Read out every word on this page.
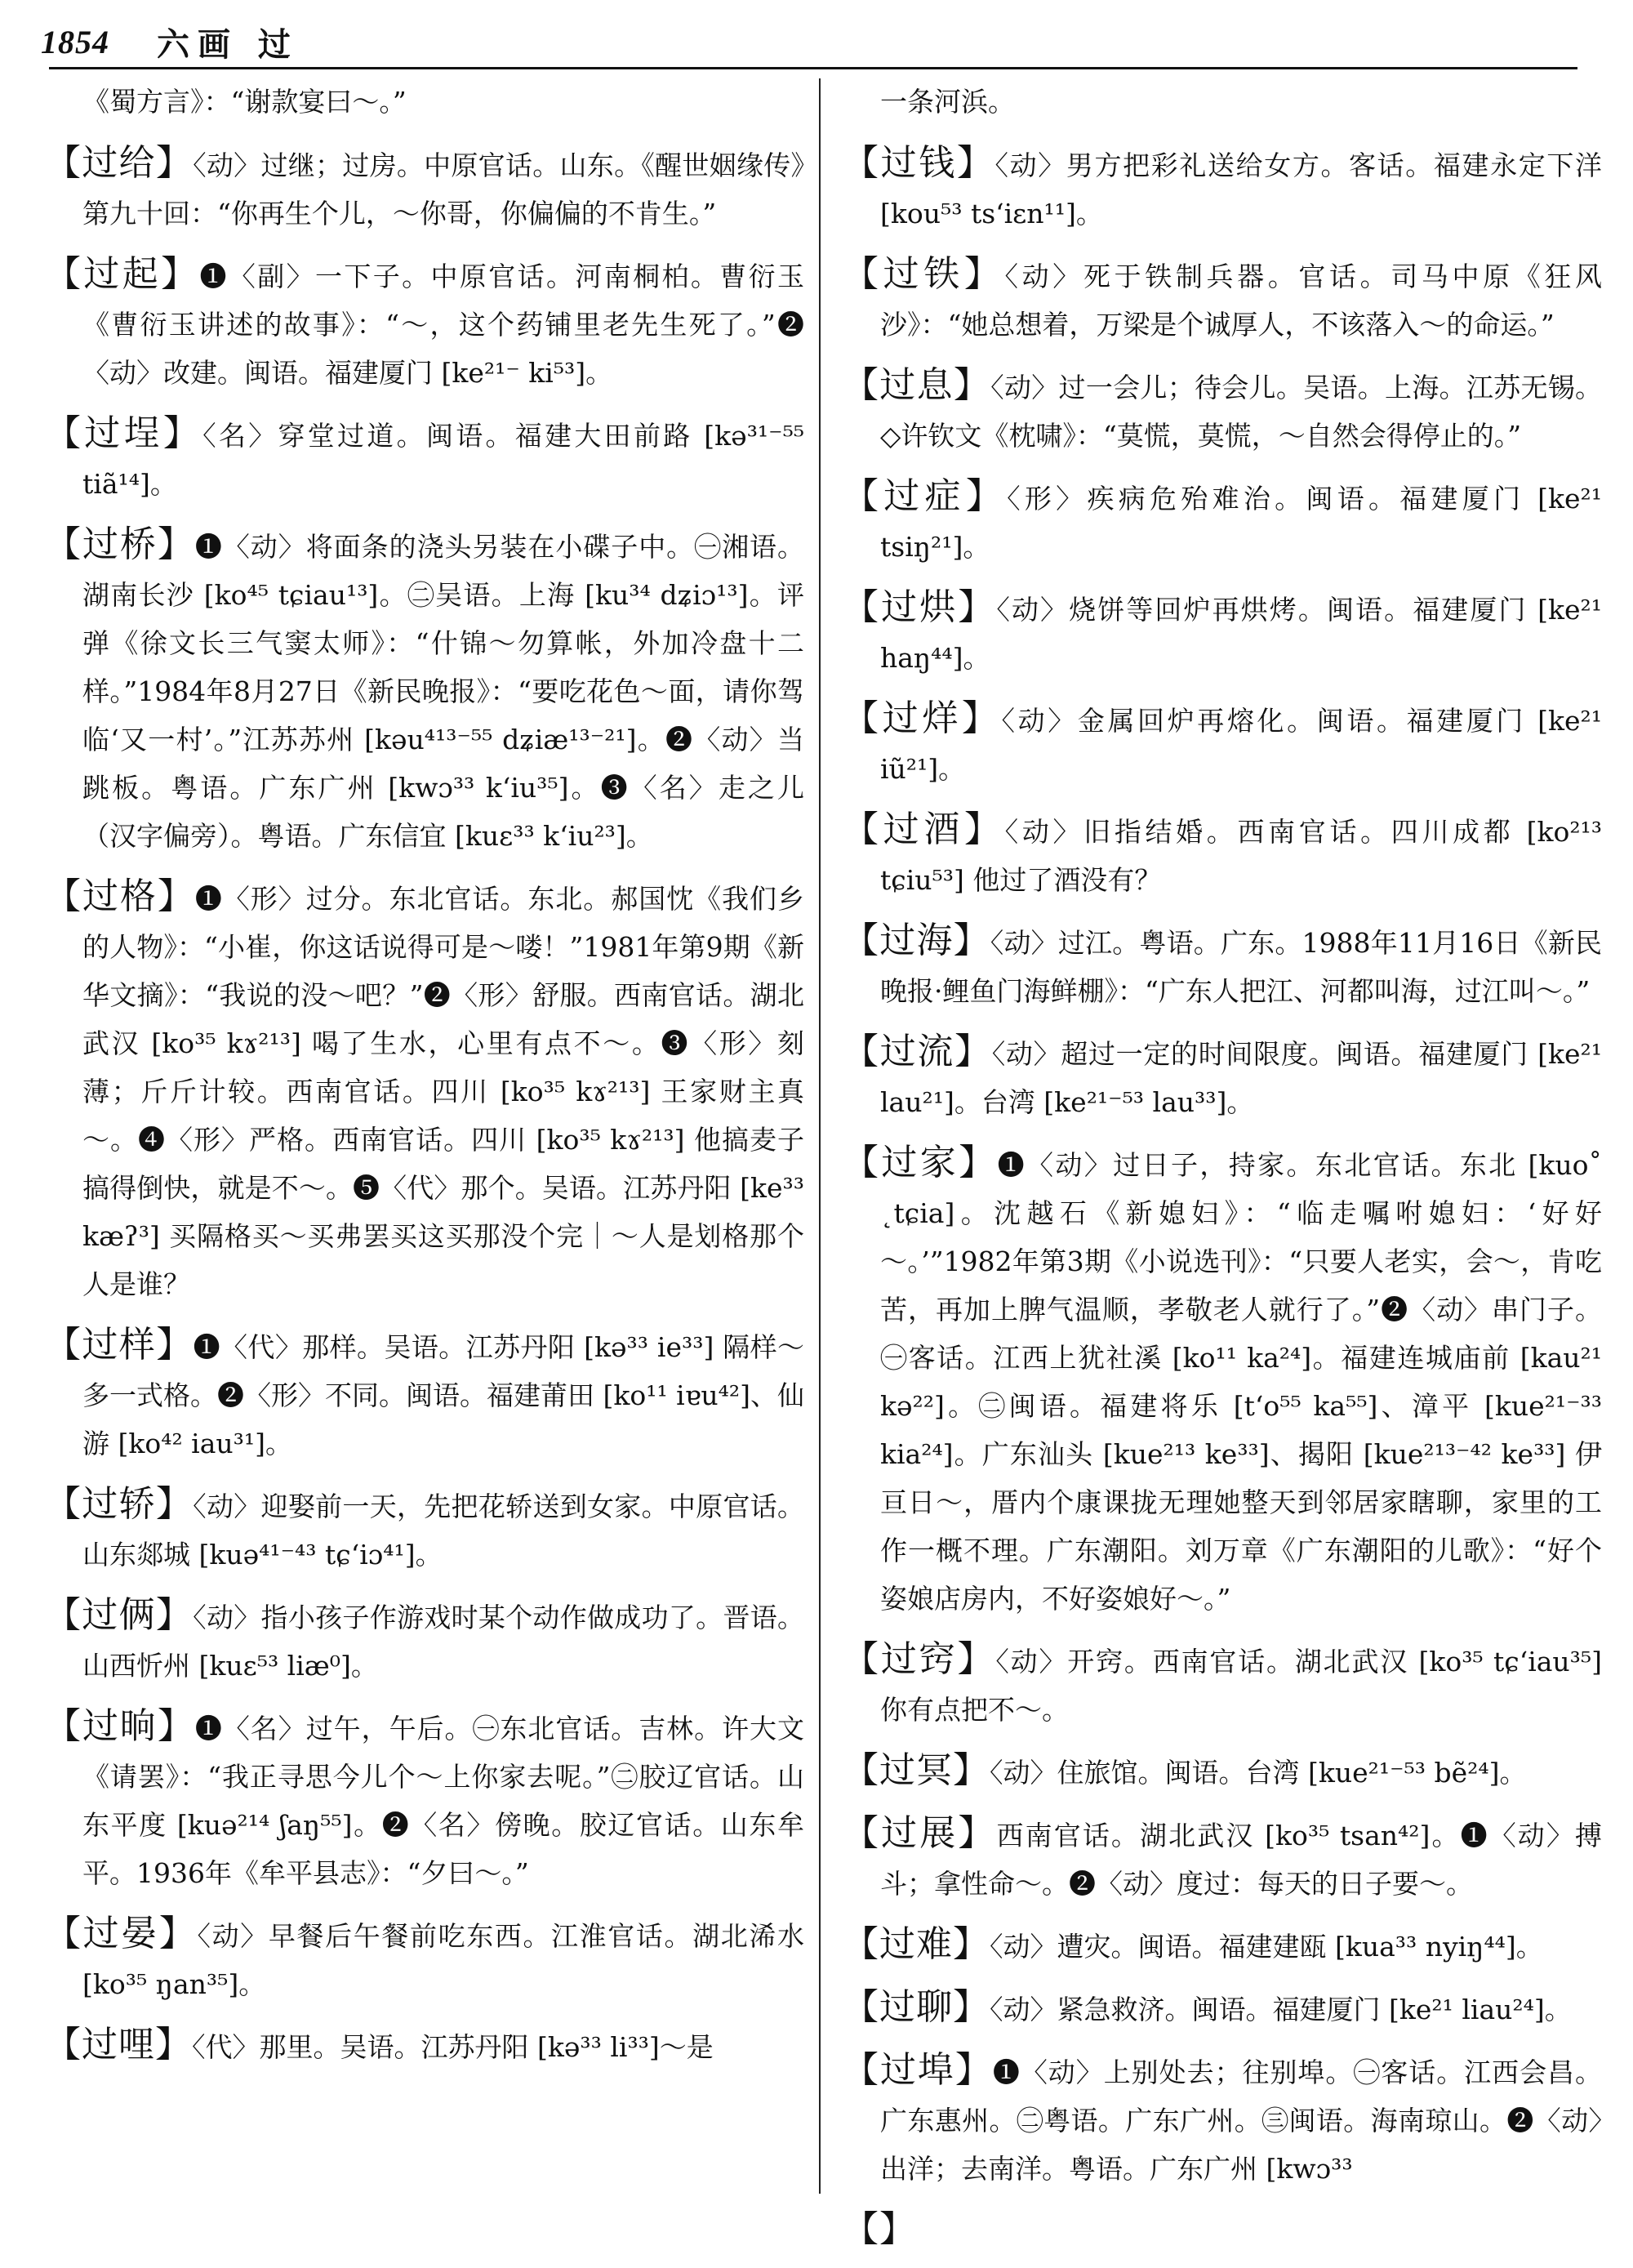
1854 六画 过

《蜀方言》：“谢款宴曰～。”

【过给】〈动〉过继；过房。中原官话。山东。《醒世姻缘传》第九十回：“你再生个儿，～你哥，你偏偏的不肯生。”

【过起】❶〈副〉一下子。中原官话。河南桐柏。曹衍玉《曹衍玉讲述的故事》：“～，这个药铺里老先生死了。”❷〈动〉改建。闽语。福建厦门 [ke²¹⁻ ki⁵³]。

【过埕】〈名〉穿堂过道。闽语。福建大田前路 [kə³¹⁻⁵⁵ tiã¹⁴]。

【过桥】❶〈动〉将面条的浇头另装在小碟子中。㊀湘语。湖南长沙 [ko⁴⁵ tɕiau¹³]。㊁吴语。上海 [ku³⁴ dʑiɔ¹³]。评弹《徐文长三气窦太师》：“什锦～勿算帐，外加冷盘十二样。”1984年8月27日《新民晚报》：“要吃花色～面，请你驾临‘又一村’。”江苏苏州 [kəu⁴¹³⁻⁵⁵ dʑiæ¹³⁻²¹]。❷〈动〉当跳板。粤语。广东广州 [kwɔ³³ k‘iu³⁵]。❸〈名〉走之儿（汉字偏旁）。粤语。广东信宜 [kuɛ³³ k‘iu²³]。

【过格】❶〈形〉过分。东北官话。东北。郝国忱《我们乡的人物》：“小崔，你这话说得可是～喽！”1981年第9期《新华文摘》：“我说的没～吧？”❷〈形〉舒服。西南官话。湖北武汉 [ko³⁵ kɤ²¹³] 喝了生水，心里有点不～。❸〈形〉刻薄；斤斤计较。西南官话。四川 [ko³⁵ kɤ²¹³] 王家财主真～。❹〈形〉严格。西南官话。四川 [ko³⁵ kɤ²¹³] 他搞麦子搞得倒快，就是不～。❺〈代〉那个。吴语。江苏丹阳 [ke³³ kæʔ³] 买隔格买～买弗罢买这买那没个完｜～人是划格那个人是谁？

【过样】❶〈代〉那样。吴语。江苏丹阳 [kə³³ ie³³] 隔样～多一式格。❷〈形〉不同。闽语。福建莆田 [ko¹¹ iɐu⁴²]、仙游 [ko⁴² iau³¹]。

【过轿】〈动〉迎娶前一天，先把花轿送到女家。中原官话。山东郯城 [kuə⁴¹⁻⁴³ tɕ‘iɔ⁴¹]。

【过俩】〈动〉指小孩子作游戏时某个动作做成功了。晋语。山西忻州 [kuɛ⁵³ liæ⁰]。

【过晌】❶〈名〉过午，午后。㊀东北官话。吉林。许大文《请罢》：“我正寻思今儿个～上你家去呢。”㊁胶辽官话。山东平度 [kuə²¹⁴ ʃaŋ⁵⁵]。❷〈名〉傍晚。胶辽官话。山东牟平。1936年《牟平县志》：“夕曰～。”

【过晏】〈动〉早餐后午餐前吃东西。江淮官话。湖北浠水 [ko³⁵ ŋan³⁵]。

【过哩】〈代〉那里。吴语。江苏丹阳 [kə³³ li³³]～是

一条河浜。

【过钱】〈动〉男方把彩礼送给女方。客话。福建永定下洋 [kou⁵³ ts‘iɛn¹¹]。

【过铁】〈动〉死于铁制兵器。官话。司马中原《狂风沙》：“她总想着，万梁是个诚厚人，不该落入～的命运。”

【过息】〈动〉过一会儿；待会儿。吴语。上海。江苏无锡。◇许钦文《枕啸》：“莫慌，莫慌，～自然会得停止的。”

【过症】〈形〉疾病危殆难治。闽语。福建厦门 [ke²¹ tsiŋ²¹]。

【过烘】〈动〉烧饼等回炉再烘烤。闽语。福建厦门 [ke²¹ haŋ⁴⁴]。

【过烊】〈动〉金属回炉再熔化。闽语。福建厦门 [ke²¹ iũ²¹]。

【过酒】〈动〉旧指结婚。西南官话。四川成都 [ko²¹³ tɕiu⁵³] 他过了酒没有？

【过海】〈动〉过江。粤语。广东。1988年11月16日《新民晚报·鲤鱼门海鲜棚》：“广东人把江、河都叫海，过江叫～。”

【过流】〈动〉超过一定的时间限度。闽语。福建厦门 [ke²¹ lau²¹]。台湾 [ke²¹⁻⁵³ lau³³]。

【过家】❶〈动〉过日子，持家。东北官话。东北 [kuo˚ ˛tɕia]。沈越石《新媳妇》：“临走嘱咐媳妇：‘好好～。’”1982年第3期《小说选刊》：“只要人老实，会～，肯吃苦，再加上脾气温顺，孝敬老人就行了。”❷〈动〉串门子。㊀客话。江西上犹社溪 [ko¹¹ ka²⁴]。福建连城庙前 [kau²¹ kə²²]。㊁闽语。福建将乐 [t‘o⁵⁵ ka⁵⁵]、漳平 [kue²¹⁻³³ kia²⁴]。广东汕头 [kue²¹³ ke³³]、揭阳 [kue²¹³⁻⁴² ke³³] 伊亘日～，厝内个康课拢无理她整天到邻居家瞎聊，家里的工作一概不理。广东潮阳。刘万章《广东潮阳的儿歌》：“好个姿娘店房内，不好姿娘好～。”

【过窍】〈动〉开窍。西南官话。湖北武汉 [ko³⁵ tɕ‘iau³⁵] 你有点把不～。

【过冥】〈动〉住旅馆。闽语。台湾 [kue²¹⁻⁵³ bẽ²⁴]。

【过展】西南官话。湖北武汉 [ko³⁵ tsan⁴²]。❶〈动〉搏斗；拿性命～。❷〈动〉度过：每天的日子要～。

【过难】〈动〉遭灾。闽语。福建建瓯 [kua³³ nyiŋ⁴⁴]。

【过聊】〈动〉紧急救济。闽语。福建厦门 [ke²¹ liau²⁴]。

【过埠】❶〈动〉上别处去；往别埠。㊀客话。江西会昌。广东惠州。㊁粤语。广东广州。㊂闽语。海南琼山。❷〈动〉出洋；去南洋。粤语。广东广州 [kwɔ³³

【】
